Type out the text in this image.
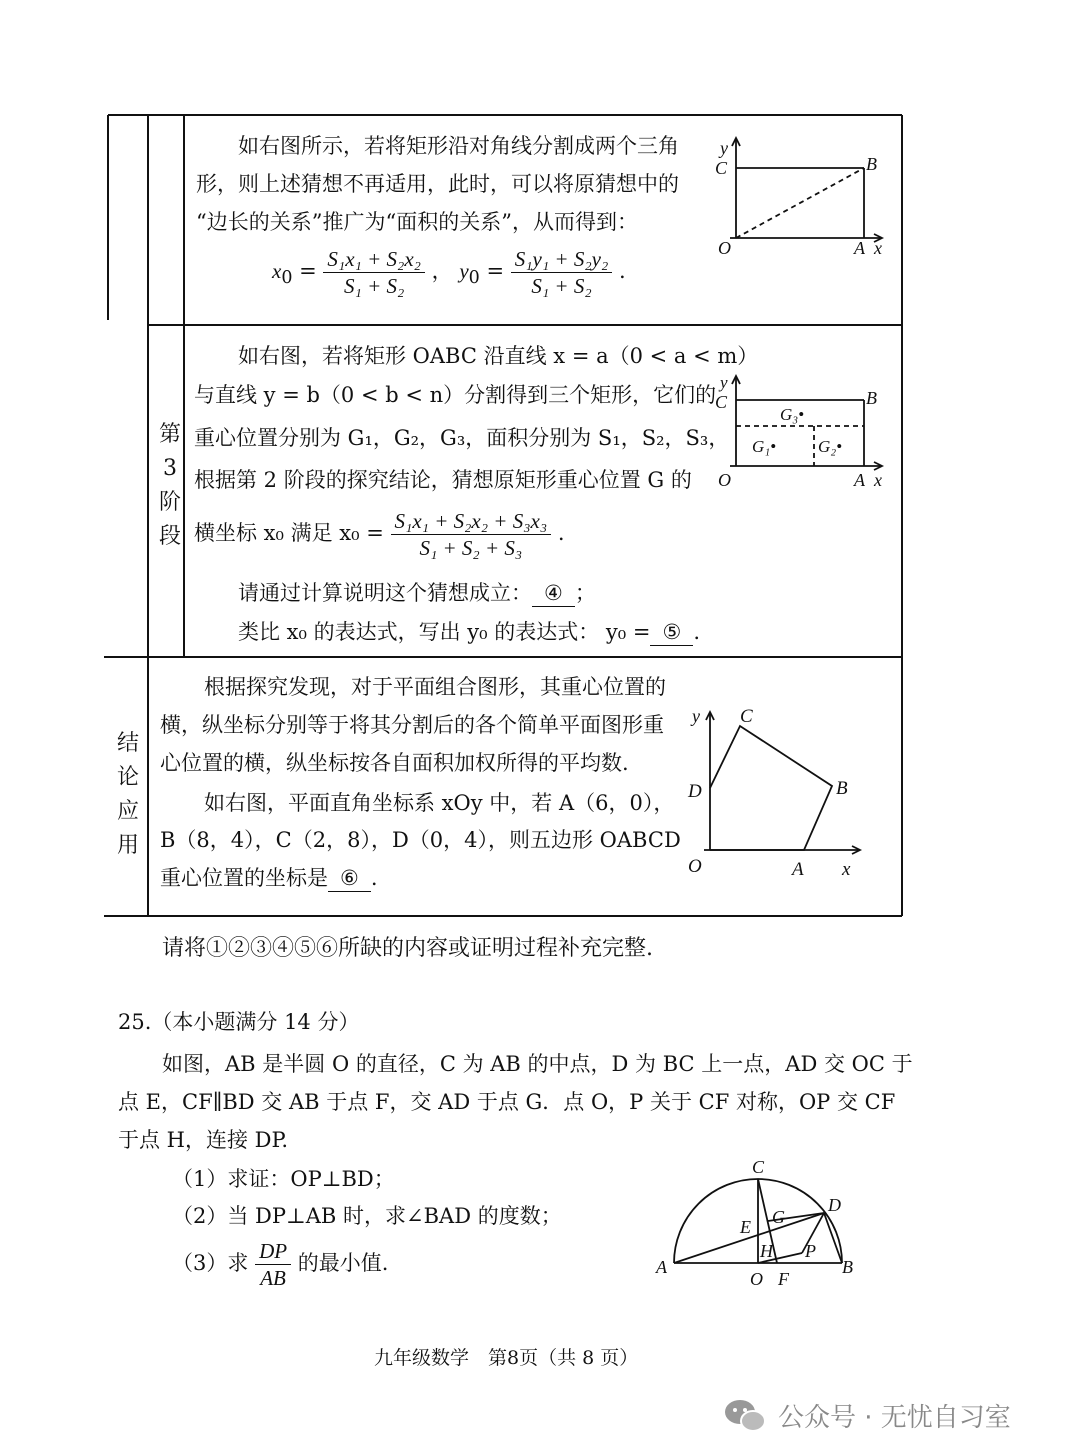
如右图所示，若将矩形沿对角线分割成两个三角
形，则上述猜想不再适用，此时，可以将原猜想中的
“边长的关系”推广为“面积的关系”，从而得到：
$x_0 = \frac{\text{S₁x₁ + S₂x₂}}{\text{S₁ + S₂}}$ ， $y_0 = \frac{\text{S₁y₁ + S₂y₂}}{\text{S₁ + S₂}}$ .
y
C	B
O	A x
第3阶段
如右图，若将矩形 OABC 沿直线 x = a（0 < a < m）
与直线 y = b（0 < b < n）分割得到三个矩形，它们的
重心位置分别为 G₁，G₂，G₃，面积分别为 S₁，S₂，S₃，
根据第 2 阶段的探究结论，猜想原矩形重心位置 G 的
横坐标 x₀ 满足 $x_0 = \frac{\text{S₁x₁ + S₂x₂ + S₃x₃}}{\text{S₁ + S₂ + S₃}}$ .
请通过计算说明这个猜想成立： ④ ；
类比 x₀ 的表达式，写出 y₀ 的表达式： y₀ = ⑤ .
y
C	B
O	A x
G₃•
G₁• G₂•
结论应用
根据探究发现，对于平面组合图形，其重心位置的
横，纵坐标分别等于将其分割后的各个简单平面图形重
心位置的横，纵坐标按各自面积加权所得的平均数.
如右图，平面直角坐标系 xOy 中，若 A（6，0），
B（8，4），C（2，8），D（0，4），则五边形 OABCD
重心位置的坐标是 ⑥ .
y C
B
D
O	A x
请将①②③④⑤⑥所缺的内容或证明过程补充完整.
25.（本小题满分 14 分）
如图，AB 是半圆 O 的直径，C 为 AB 的中点，D 为 BC 上一点，AD 交 OC 于
点 E，CF∥BD 交 AB 于点 F，交 AD 于点 G．点 O，P 关于 CF 对称，OP 交 CF
于点 H，连接 DP.
（1）求证：OP⊥BD；
（2）当 DP⊥AB 时，求∠BAD 的度数；
（3）求 $\frac{DP}{AB}$ 的最小值.
C
D
E G
H P
A
O F
B
九年级数学　第8页（共 8 页）
公众号 · 无忧自习室
